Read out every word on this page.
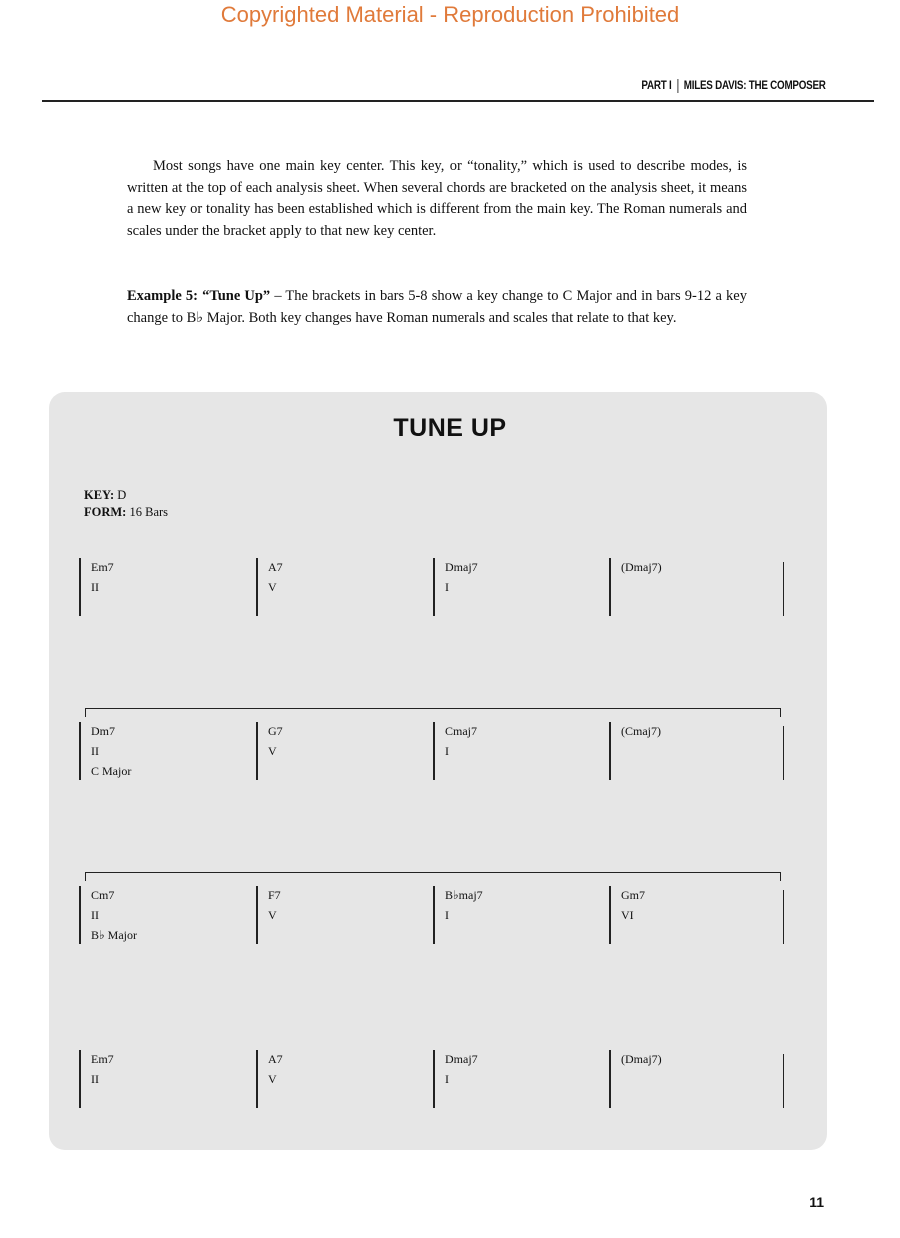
Copyrighted Material - Reproduction Prohibited
PART I MILES DAVIS: THE COMPOSER
Most songs have one main key center. This key, or “tonality,” which is used to describe modes, is written at the top of each analysis sheet. When several chords are bracketed on the analysis sheet, it means a new key or tonality has been established which is different from the main key. The Roman numerals and scales under the bracket apply to that new key center.
Example 5: “Tune Up” – The brackets in bars 5-8 show a key change to C Major and in bars 9-12 a key change to B♭ Major. Both key changes have Roman numerals and scales that relate to that key.
TUNE UP
KEY: D
FORM: 16 Bars
Em7
II
A7
V
Dmaj7
I
(Dmaj7)
Dm7
II
C Major
G7
V
Cmaj7
I
(Cmaj7)
Cm7
II
B♭ Major
F7
V
B♭maj7
I
Gm7
VI
Em7
II
A7
V
Dmaj7
I
(Dmaj7)
11
